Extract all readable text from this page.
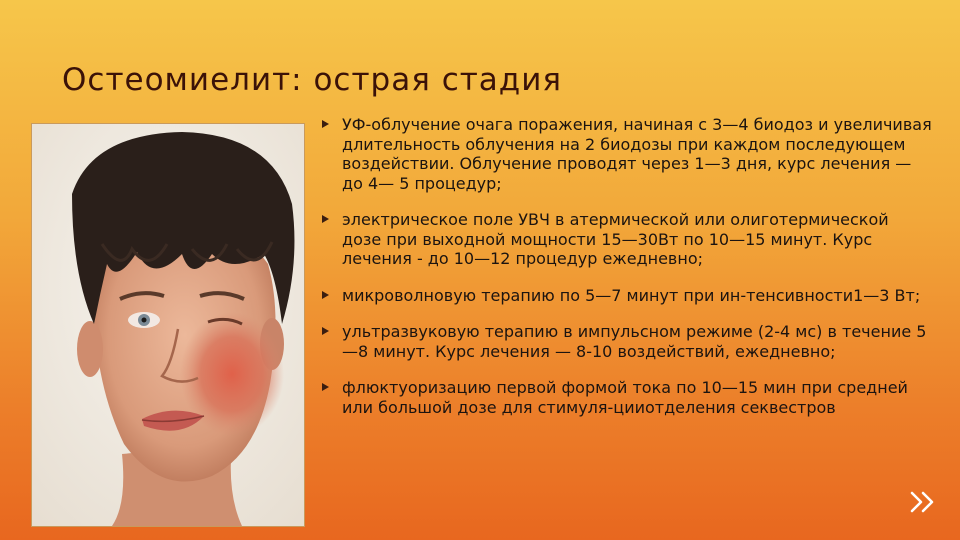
Остеомиелит: острая стадия
УФ-облучение очага поражения, начиная с 3—4 биодоз и увеличивая длительность облучения на 2 биодозы при каждом последующем воздействии. Облучение проводят через 1—3 дня, курс лечения — до 4— 5 процедур;
электрическое поле УВЧ в атермической или олиготермической дозе при выходной мощности 15—30Вт по 10—15 минут. Курс лечения - до 10—12 процедур ежедневно;
микроволновую терапию по 5—7 минут при ин-тенсивности1—3 Вт;
ультразвуковую терапию в импульсном режиме (2-4 мс) в течение 5—8 минут. Курс лечения — 8-10 воздействий, ежедневно;
флюктуоризацию первой формой тока по 10—15 мин при средней или большой дозе для стимуля-цииотделения секвестров
